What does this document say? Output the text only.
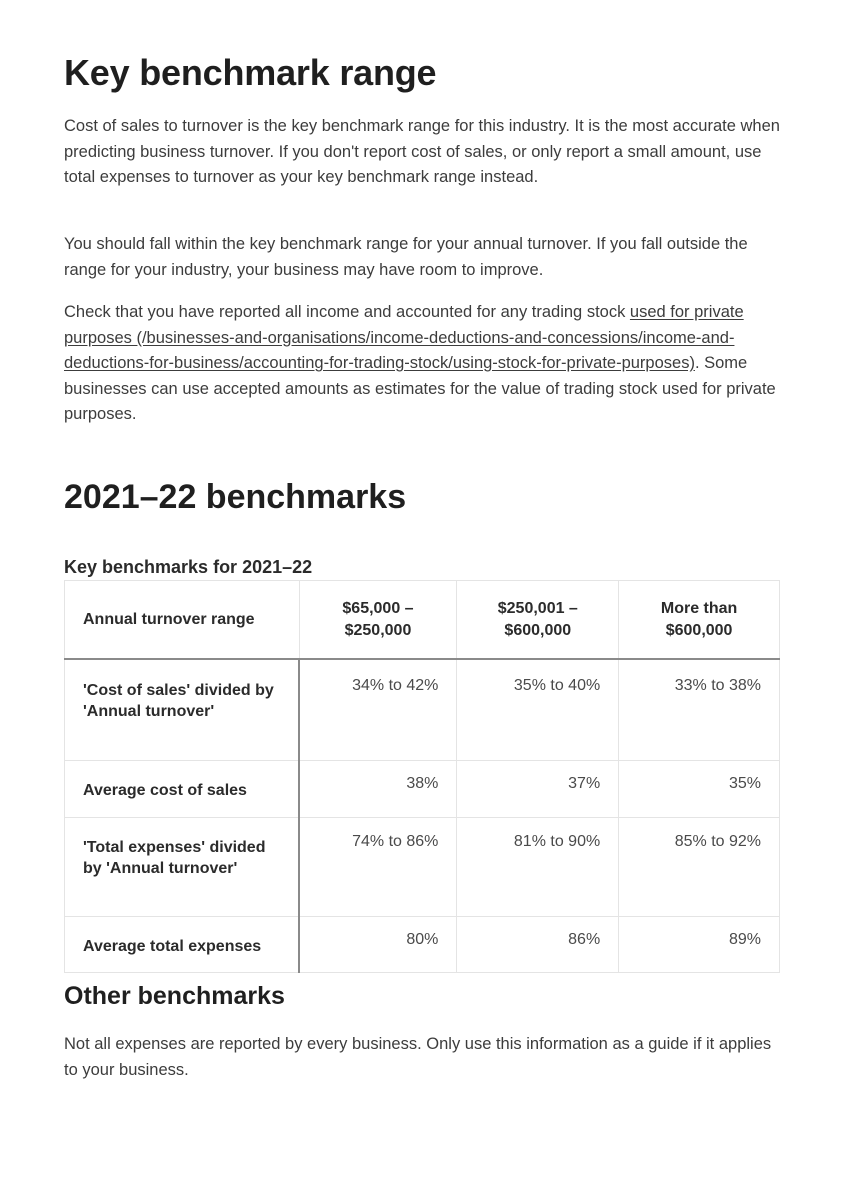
Key benchmark range

Cost of sales to turnover is the key benchmark range for this industry. It is the most accurate when predicting business turnover. If you don't report cost of sales, or only report a small amount, use total expenses to turnover as your key benchmark range instead.

You should fall within the key benchmark range for your annual turnover. If you fall outside the range for your industry, your business may have room to improve.

Check that you have reported all income and accounted for any trading stock used for private purposes (/businesses-and-organisations/income-deductions-and-concessions/income-and-deductions-for-business/accounting-for-trading-stock/using-stock-for-private-purposes). Some businesses can use accepted amounts as estimates for the value of trading stock used for private purposes.

2021–22 benchmarks
Key benchmarks for 2021–22
Annual turnover range	$65,000 – $250,000	$250,001 – $600,000	More than $600,000
'Cost of sales' divided by 'Annual turnover'	34% to 42%	35% to 40%	33% to 38%
Average cost of sales	38%	37%	35%
'Total expenses' divided by 'Annual turnover'	74% to 86%	81% to 90%	85% to 92%
Average total expenses	80%	86%	89%
Other benchmarks

Not all expenses are reported by every business. Only use this information as a guide if it applies to your business.
